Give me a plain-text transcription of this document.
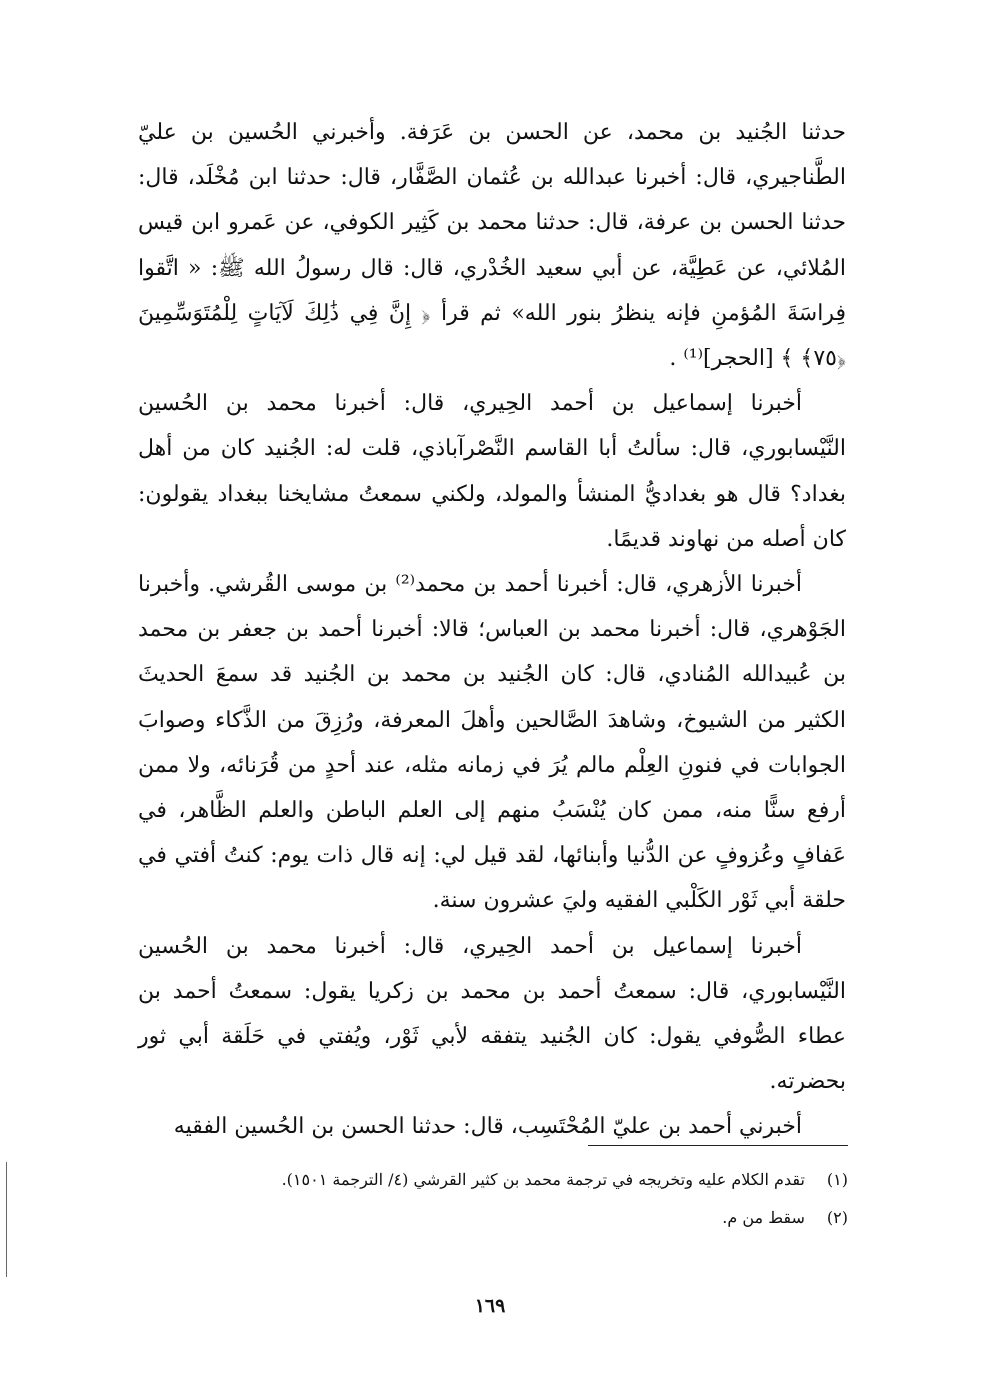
حدثنا الجُنيد بن محمد، عن الحسن بن عَرَفة. وأخبرني الحُسين بن عليّ الطَّناجيري، قال: أخبرنا عبدالله بن عُثمان الصَّفَّار، قال: حدثنا ابن مُخْلَد، قال: حدثنا الحسن بن عرفة، قال: حدثنا محمد بن كَثِير الكوفي، عن عَمرو ابن قيس المُلائي، عن عَطِيَّة، عن أبي سعيد الخُدْري، قال: قال رسولُ الله ﷺ: « اتَّقوا فِراسَةَ المُؤمنِ فإنه ينظرُ بنور الله» ثم قرأ ﴿ إِنَّ فِي ذَٰلِكَ لَآيَاتٍ لِلْمُتَوَسِّمِينَ ﴿٧٥﴾ ﴾ [الحجر]⁽¹⁾ .

أخبرنا إسماعيل بن أحمد الحِيري، قال: أخبرنا محمد بن الحُسين النَّيْسابوري، قال: سألتُ أبا القاسم النَّصْرآباذي، قلت له: الجُنيد كان من أهل بغداد؟ قال هو بغداديُّ المنشأ والمولد، ولكني سمعتُ مشايخنا ببغداد يقولون: كان أصله من نهاوند قديمًا.

أخبرنا الأزهري، قال: أخبرنا أحمد بن محمد⁽²⁾ بن موسى القُرشي. وأخبرنا الجَوْهري، قال: أخبرنا محمد بن العباس؛ قالا: أخبرنا أحمد بن جعفر بن محمد بن عُبيدالله المُنادي، قال: كان الجُنيد بن محمد بن الجُنيد قد سمعَ الحديثَ الكثير من الشيوخ، وشاهدَ الصَّالحين وأهلَ المعرفة، ورُزِقَ من الذَّكاء وصوابَ الجوابات في فنونِ العِلْم مالم يُرَ في زمانه مثله، عند أحدٍ من قُرَنائه، ولا ممن أرفع سنًّا منه، ممن كان يُنْسَبُ منهم إلى العلم الباطن والعلم الظَّاهر، في عَفافٍ وعُزوفٍ عن الدُّنيا وأبنائها، لقد قيل لي: إنه قال ذات يوم: كنتُ أفتي في حلقة أبي ثَوْر الكَلْبي الفقيه وليَ عشرون سنة.

أخبرنا إسماعيل بن أحمد الحِيري، قال: أخبرنا محمد بن الحُسين النَّيْسابوري، قال: سمعتُ أحمد بن محمد بن زكريا يقول: سمعتُ أحمد بن عطاء الصُّوفي يقول: كان الجُنيد يتفقه لأبي ثَوْر، ويُفتي في حَلَقة أبي ثور بحضرته.

أخبرني أحمد بن عليّ المُحْتَسِب، قال: حدثنا الحسن بن الحُسين الفقيه

(١) تقدم الكلام عليه وتخريجه في ترجمة محمد بن كثير القرشي (٤/ الترجمة ١٥٠١).

(٢) سقط من م.

١٦٩
